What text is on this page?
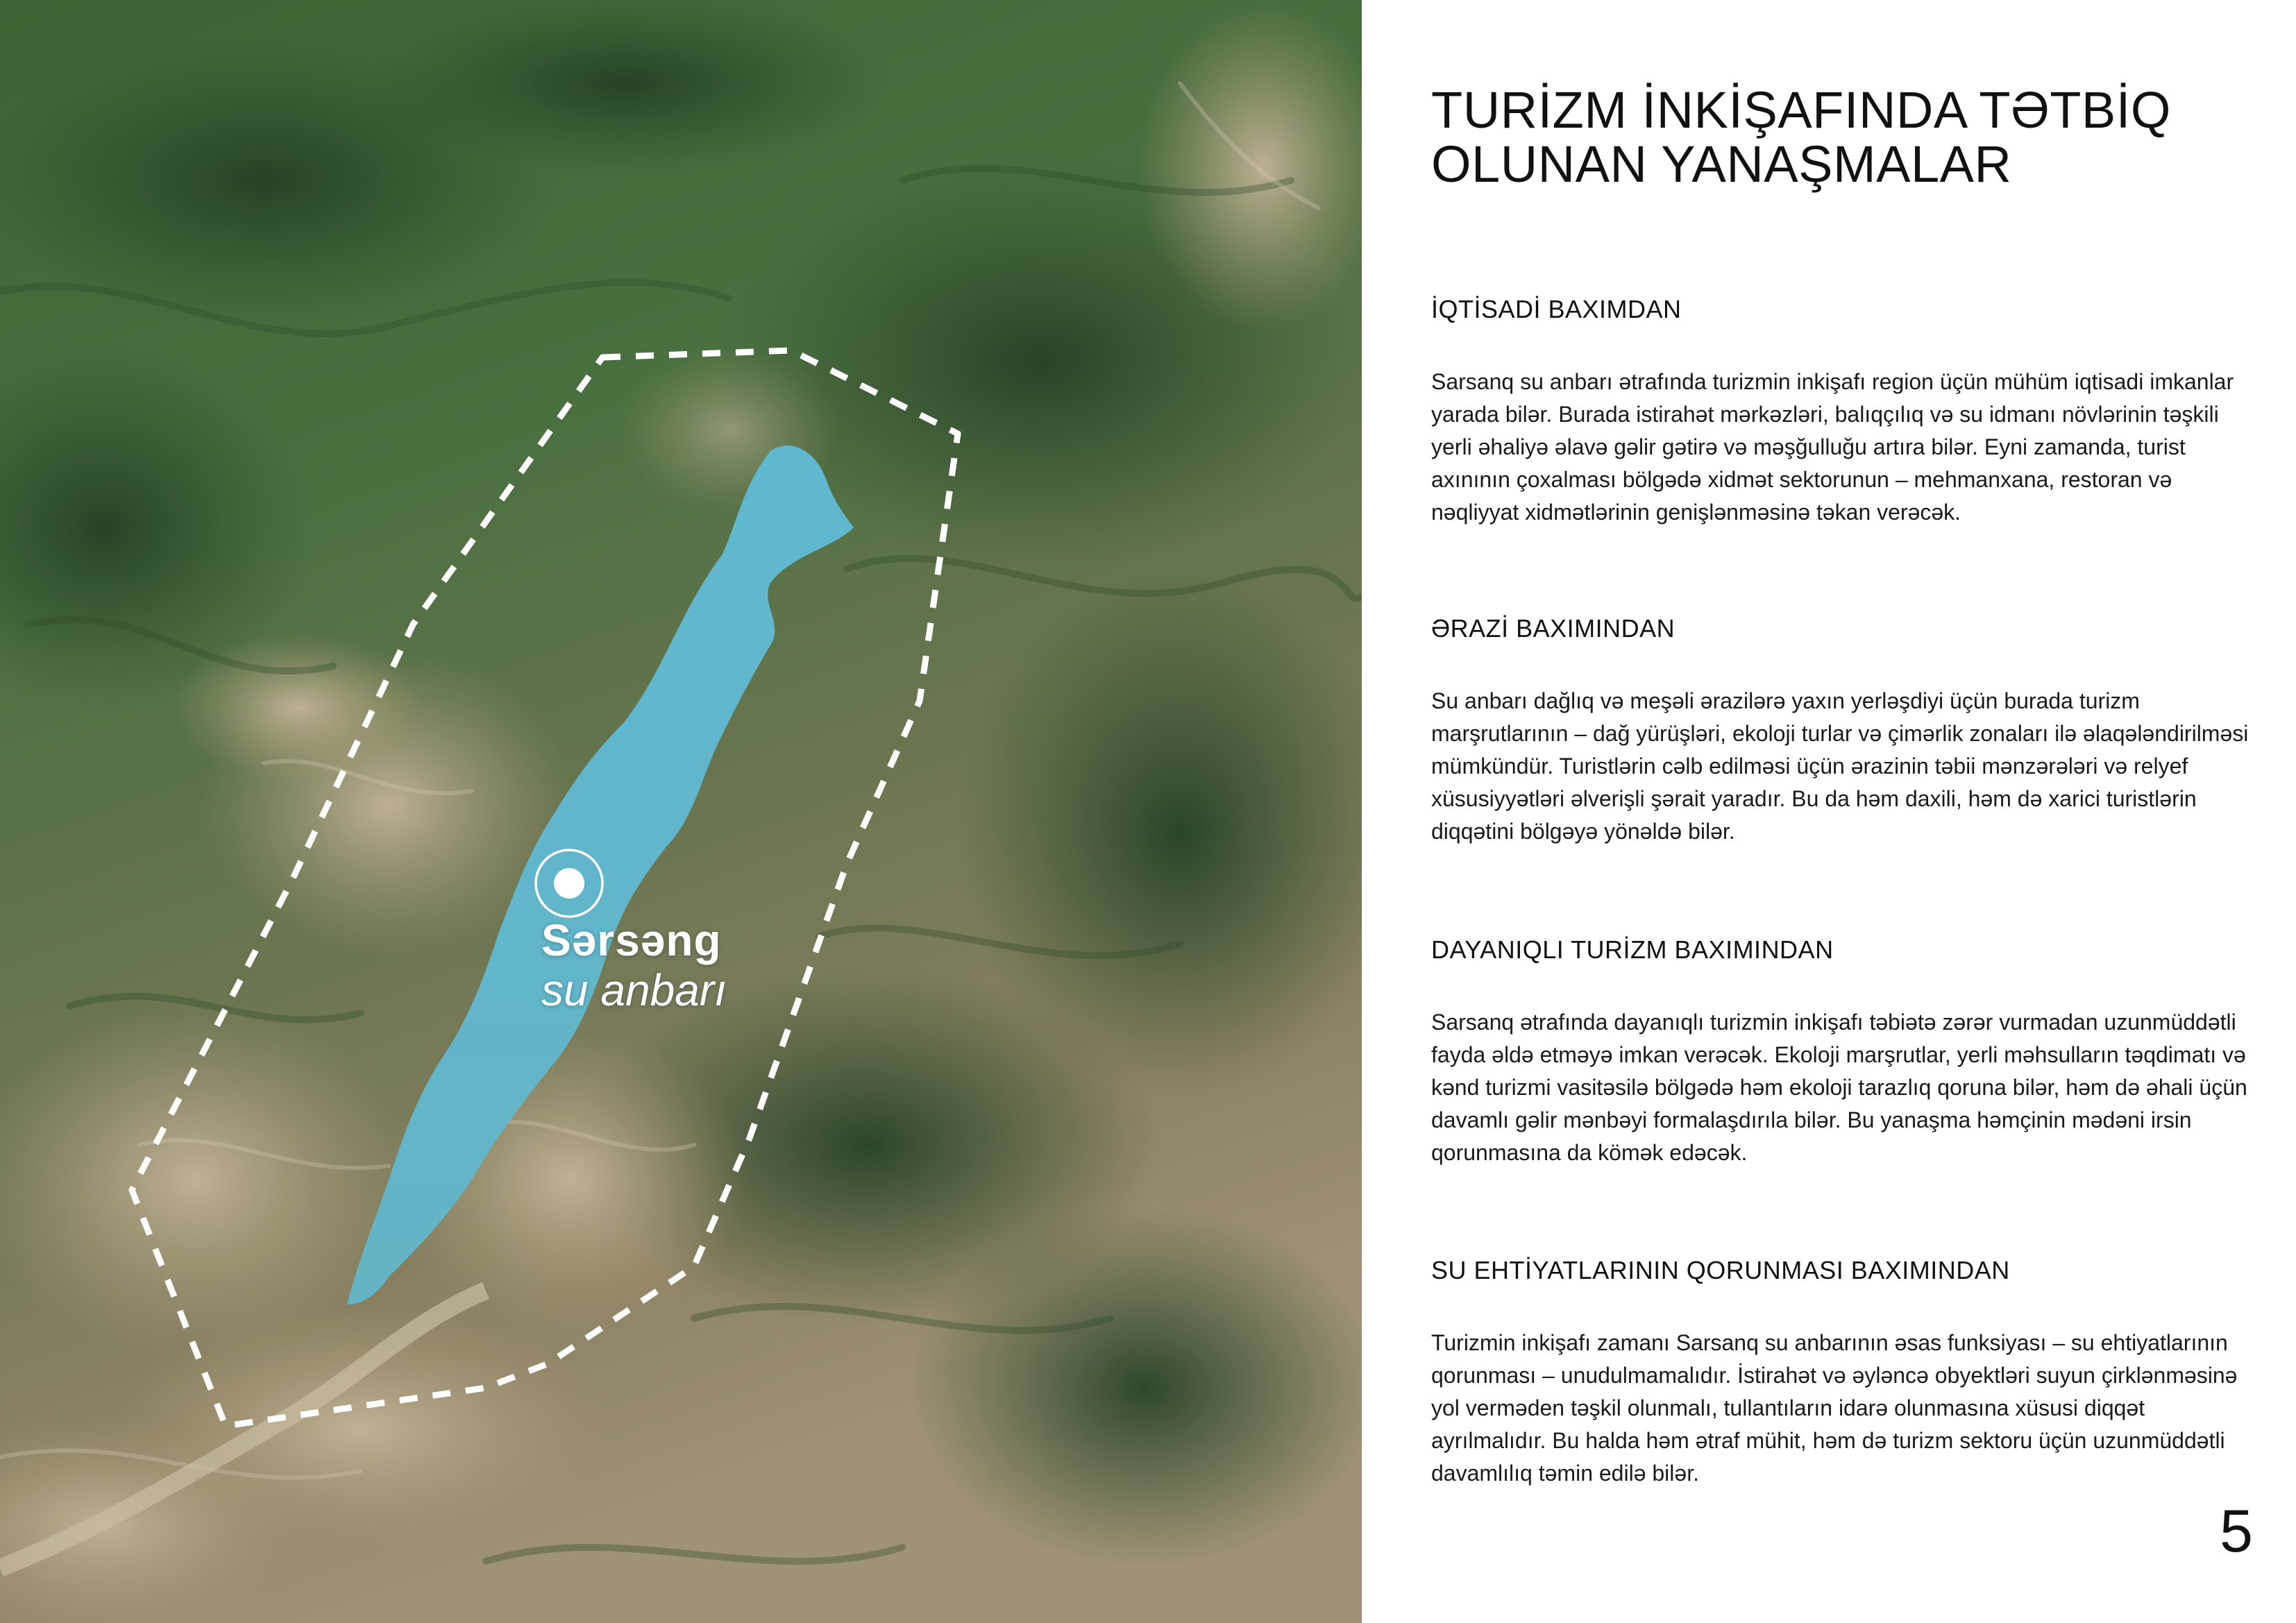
Sərsəng
su anbarı
TURİZM İNKİŞAFINDA TƏTBİQ
OLUNAN YANAŞMALAR
İQTİSADİ BAXIMDAN

Sarsanq su anbarı ətrafında turizmin inkişafı region üçün mühüm iqtisadi imkanlar yarada bilər. Burada istirahət mərkəzləri, balıqçılıq və su idmanı növlərinin təşkili yerli əhaliyə əlavə gəlir gətirə və məşğulluğu artıra bilər. Eyni zamanda, turist axınının çoxalması bölgədə xidmət sektorunun – mehmanxana, restoran və nəqliyyat xidmətlərinin genişlənməsinə təkan verəcək.

ƏRAZİ BAXIMINDAN

Su anbarı dağlıq və meşəli ərazilərə yaxın yerləşdiyi üçün burada turizm marşrutlarının – dağ yürüşləri, ekoloji turlar və çimərlik zonaları ilə əlaqələndirilməsi mümkündür. Turistlərin cəlb edilməsi üçün ərazinin təbii mənzərələri və relyef xüsusiyyətləri əlverişli şərait yaradır. Bu da həm daxili, həm də xarici turistlərin diqqətini bölgəyə yönəldə bilər.

DAYANIQLI TURİZM BAXIMINDAN

Sarsanq ətrafında dayanıqlı turizmin inkişafı təbiətə zərər vurmadan uzunmüddətli fayda əldə etməyə imkan verəcək. Ekoloji marşrutlar, yerli məhsulların təqdimatı və kənd turizmi vasitəsilə bölgədə həm ekoloji tarazlıq qoruna bilər, həm də əhali üçün davamlı gəlir mənbəyi formalaşdırıla bilər. Bu yanaşma həmçinin mədəni irsin qorunmasına da kömək edəcək.

SU EHTİYATLARININ QORUNMASI BAXIMINDAN

Turizmin inkişafı zamanı Sarsanq su anbarının əsas funksiyası – su ehtiyatlarının qorunması – unudulmamalıdır. İstirahət və əyləncə obyektləri suyun çirklənməsinə yol verməden təşkil olunmalı, tullantıların idarə olunmasına xüsusi diqqət ayrılmalıdır. Bu halda həm ətraf mühit, həm də turizm sektoru üçün uzunmüddətli davamlılıq təmin edilə bilər.

5
